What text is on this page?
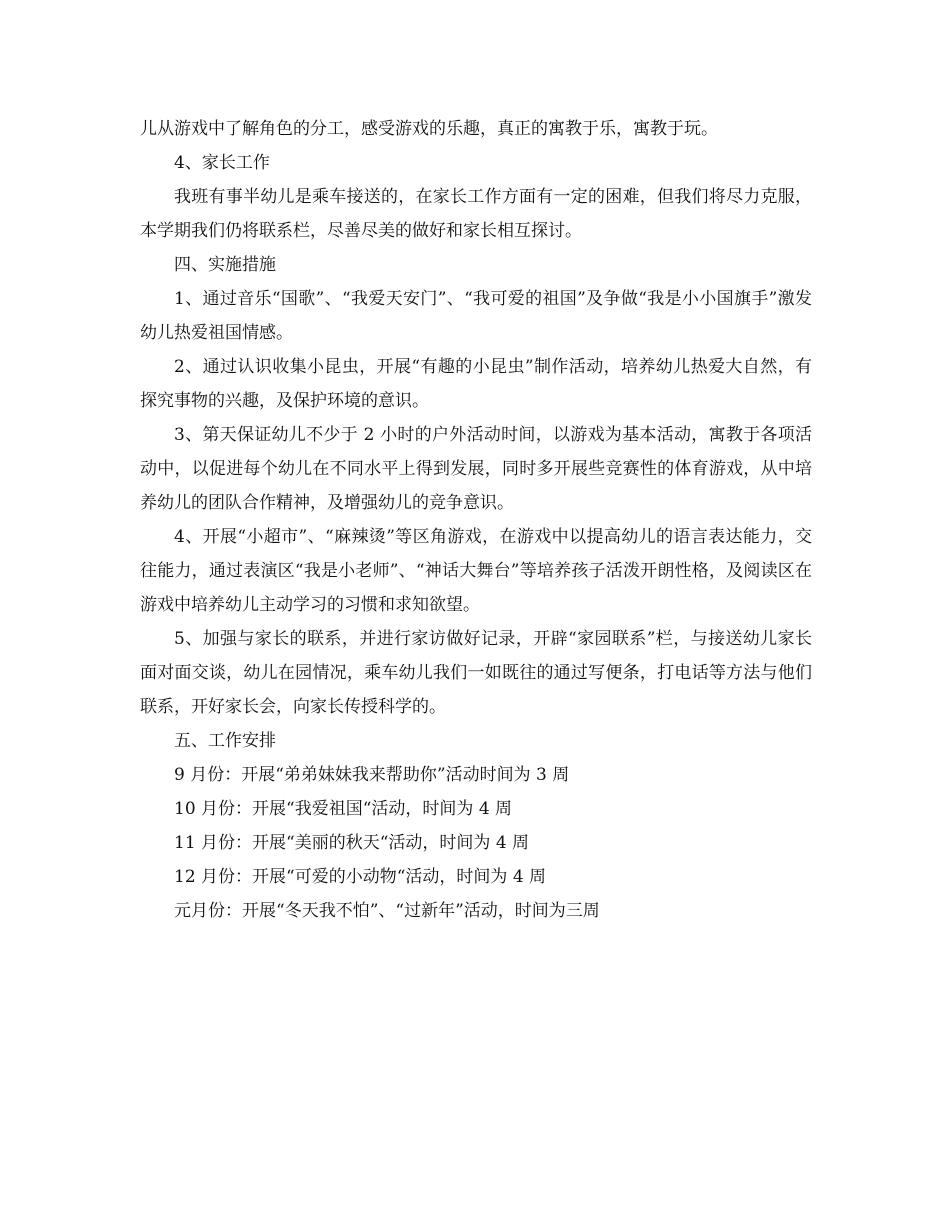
儿从游戏中了解角色的分工，感受游戏的乐趣，真正的寓教于乐，寓教于玩。

4、家长工作

我班有事半幼儿是乘车接送的，在家长工作方面有一定的困难，但我们将尽力克服，本学期我们仍将联系栏，尽善尽美的做好和家长相互探讨。

四、实施措施

1、通过音乐“国歌”、“我爱天安门”、“我可爱的祖国”及争做“我是小小国旗手”激发幼儿热爱祖国情感。

2、通过认识收集小昆虫，开展“有趣的小昆虫”制作活动，培养幼儿热爱大自然，有探究事物的兴趣，及保护环境的意识。

3、第天保证幼儿不少于 2 小时的户外活动时间，以游戏为基本活动，寓教于各项活动中，以促进每个幼儿在不同水平上得到发展，同时多开展些竞赛性的体育游戏，从中培养幼儿的团队合作精神，及增强幼儿的竞争意识。

4、开展“小超市”、“麻辣烫”等区角游戏，在游戏中以提高幼儿的语言表达能力，交往能力，通过表演区“我是小老师”、“神话大舞台”等培养孩子活泼开朗性格，及阅读区在游戏中培养幼儿主动学习的习惯和求知欲望。

5、加强与家长的联系，并进行家访做好记录，开辟“家园联系”栏，与接送幼儿家长面对面交谈，幼儿在园情况，乘车幼儿我们一如既往的通过写便条，打电话等方法与他们联系，开好家长会，向家长传授科学的。

五、工作安排

9 月份：开展“弟弟妹妹我来帮助你”活动时间为 3 周

10 月份：开展“我爱祖国“活动，时间为 4 周

11 月份：开展“美丽的秋天“活动，时间为 4 周

12 月份：开展“可爱的小动物“活动，时间为 4 周

元月份：开展“冬天我不怕”、“过新年”活动，时间为三周
